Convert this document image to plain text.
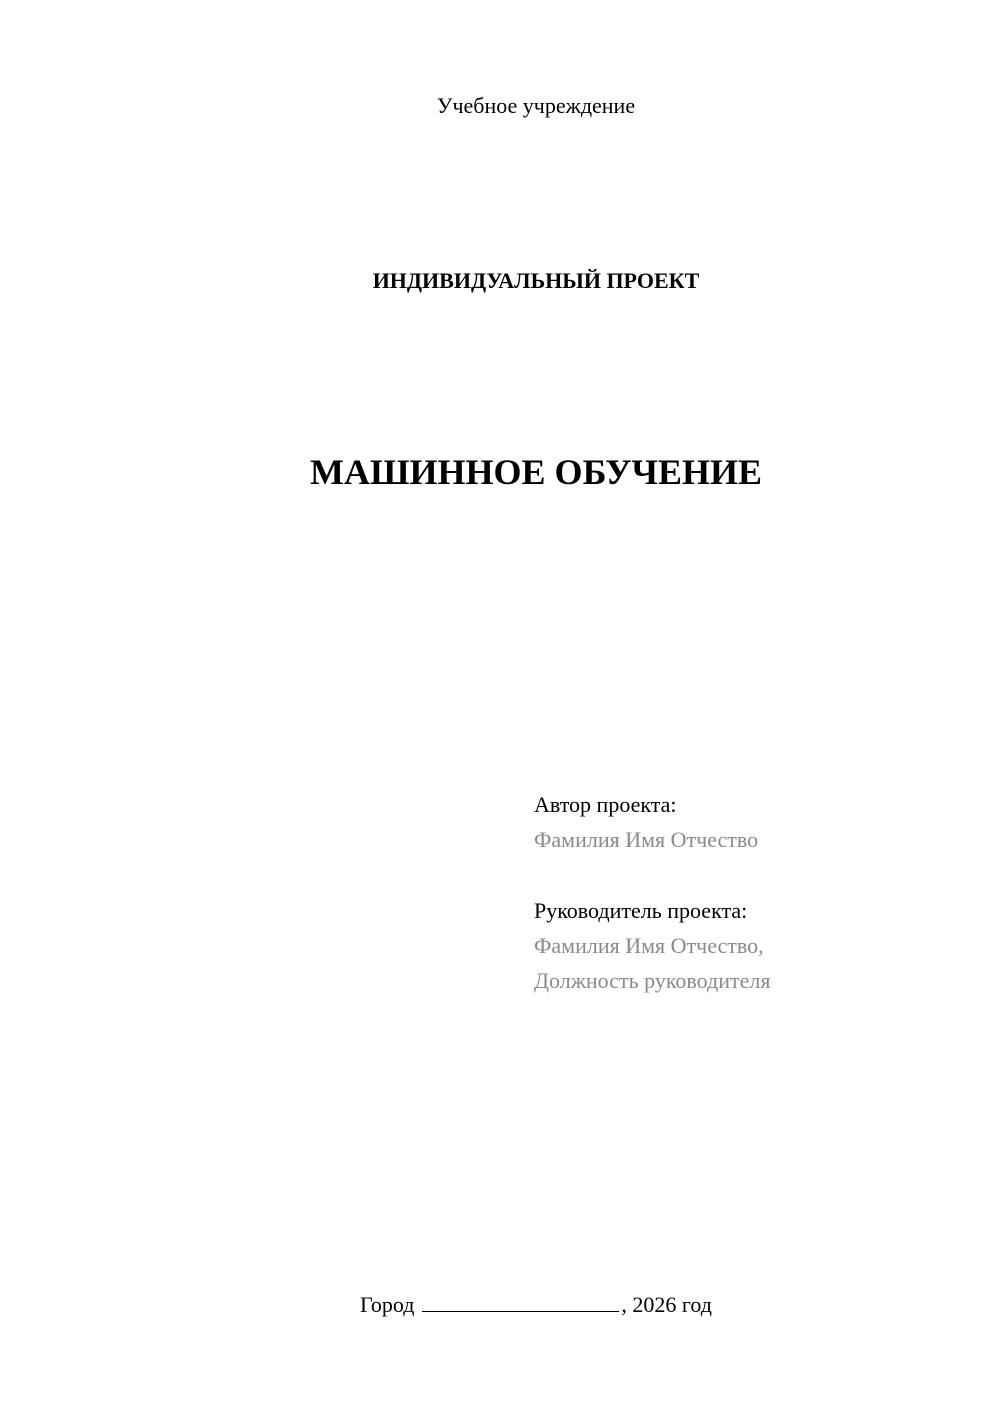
Учебное учреждение
ИНДИВИДУАЛЬНЫЙ ПРОЕКТ
МАШИННОЕ ОБУЧЕНИЕ
Автор проекта:
Фамилия Имя Отчество
Руководитель проекта:
Фамилия Имя Отчество,
Должность руководителя
Город	, 2026 год
